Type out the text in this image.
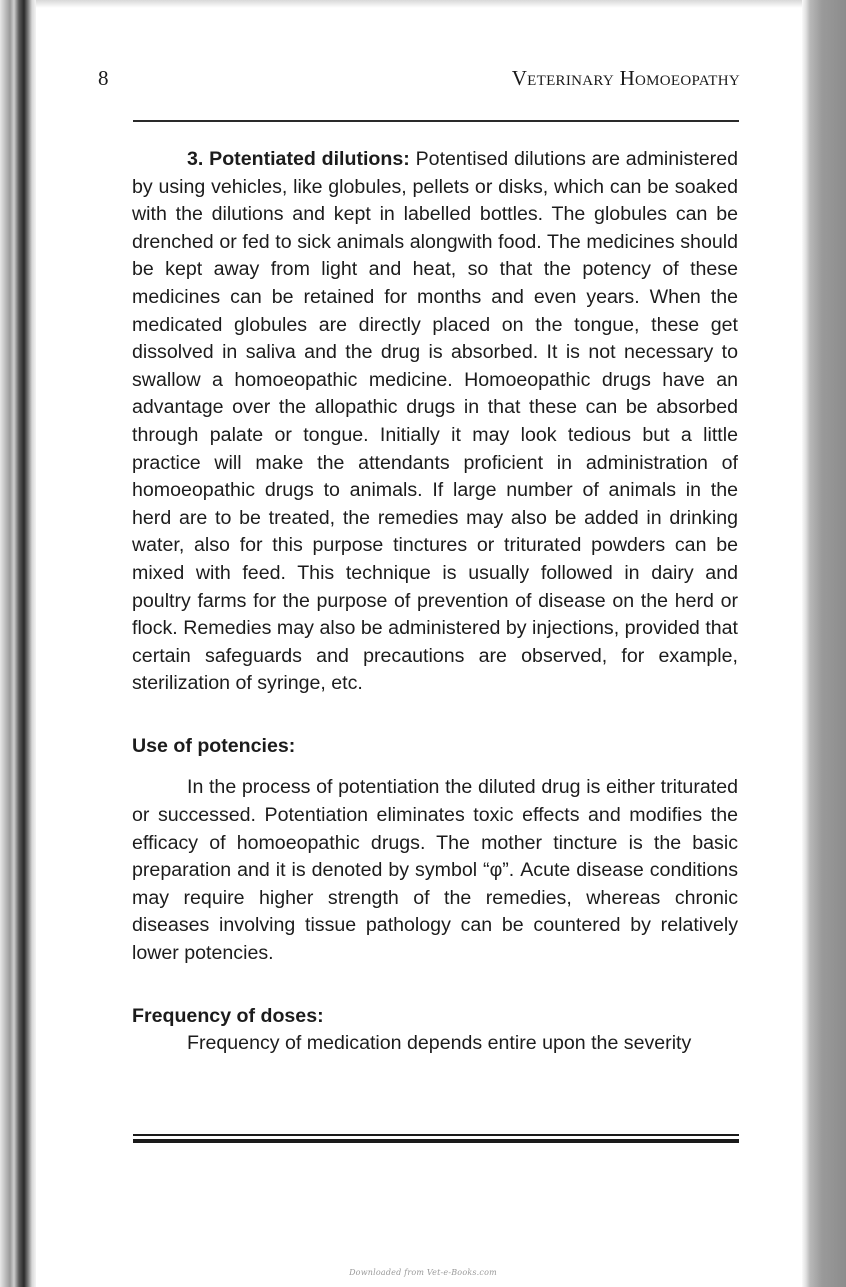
8	Veterinary Homoeopathy

3. Potentiated dilutions: Potentised dilutions are administered by using vehicles, like globules, pellets or disks, which can be soaked with the dilutions and kept in labelled bottles. The globules can be drenched or fed to sick animals alongwith food. The medicines should be kept away from light and heat, so that the potency of these medicines can be retained for months and even years. When the medicated globules are directly placed on the tongue, these get dissolved in saliva and the drug is absorbed. It is not necessary to swallow a homoeopathic medicine. Homoeopathic drugs have an advantage over the allopathic drugs in that these can be absorbed through palate or tongue. Initially it may look tedious but a little practice will make the attendants proficient in administration of homoeopathic drugs to animals. If large number of animals in the herd are to be treated, the remedies may also be added in drinking water, also for this purpose tinctures or triturated powders can be mixed with feed. This technique is usually followed in dairy and poultry farms for the purpose of prevention of disease on the herd or flock. Remedies may also be administered by injections, provided that certain safeguards and precautions are observed, for example, sterilization of syringe, etc.

Use of potencies:

In the process of potentiation the diluted drug is either triturated or successed. Potentiation eliminates toxic effects and modifies the efficacy of homoeopathic drugs. The mother tincture is the basic preparation and it is denoted by symbol “φ”. Acute disease conditions may require higher strength of the remedies, whereas chronic diseases involving tissue pathology can be countered by relatively lower potencies.

Frequency of doses:

Frequency of medication depends entire upon the severity

Downloaded from Vet-e-Books.com
